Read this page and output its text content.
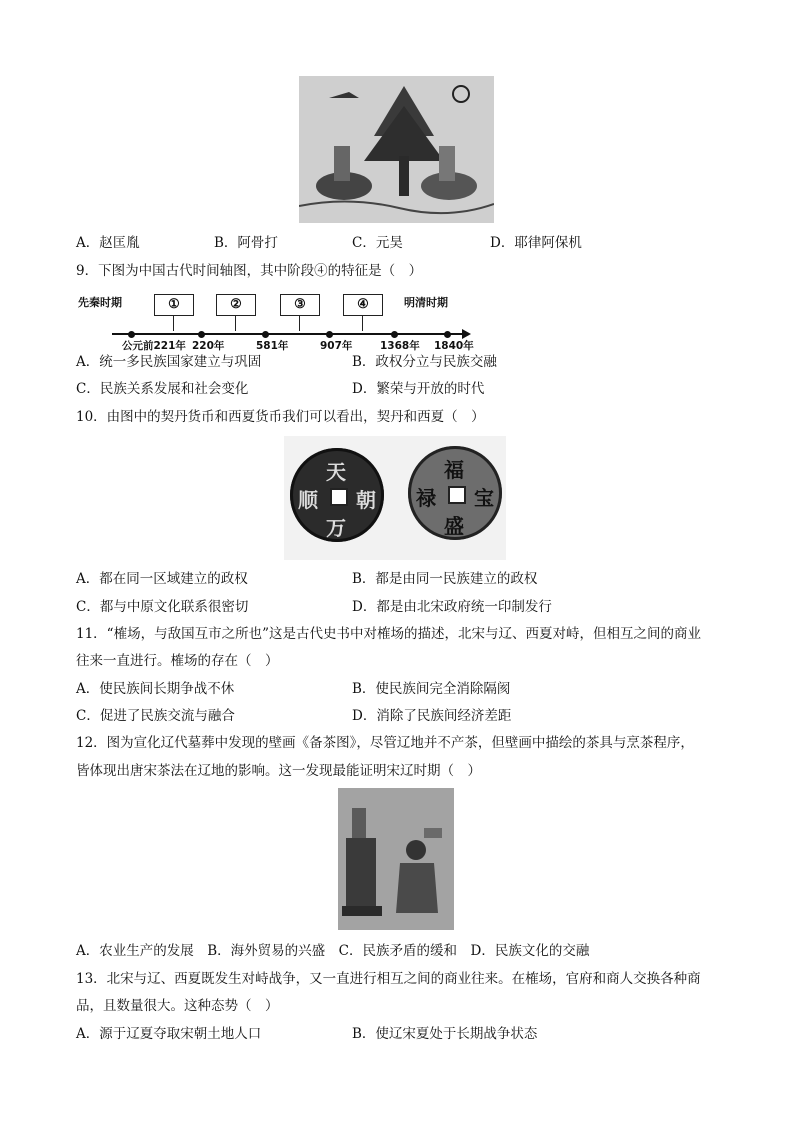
A．赵匡胤	B．阿骨打	C．元昊	D．耶律阿保机
9．下图为中国古代时间轴图，其中阶段④的特征是（　）
先秦时期	明清时期
①	②	③	④
公元前221年 220年	581年	907年	1368年 1840年
A．统一多民族国家建立与巩固	B．政权分立与民族交融
C．民族关系发展和社会变化	D．繁荣与开放的时代
10．由图中的契丹货币和西夏货币我们可以看出，契丹和西夏（　）
天
朝
万
顺
福
宝
盛
禄
A．都在同一区域建立的政权	B．都是由同一民族建立的政权
C．都与中原文化联系很密切	D．都是由北宋政府统一印制发行
11．“榷场，与敌国互市之所也”这是古代史书中对榷场的描述，北宋与辽、西夏对峙，但相互之间的商业
往来一直进行。榷场的存在（　）
A．使民族间长期争战不休	B．使民族间完全消除隔阂
C．促进了民族交流与融合	D．消除了民族间经济差距
12．图为宣化辽代墓葬中发现的壁画《备茶图》，尽管辽地并不产茶，但壁画中描绘的茶具与烹茶程序，
皆体现出唐宋茶法在辽地的影响。这一发现最能证明宋辽时期（　）
A．农业生产的发展　B．海外贸易的兴盛　C．民族矛盾的缓和　D．民族文化的交融
13．北宋与辽、西夏既发生对峙战争，又一直进行相互之间的商业往来。在榷场，官府和商人交换各种商
品，且数量很大。这种态势（　）
A．源于辽夏夺取宋朝土地人口	B．使辽宋夏处于长期战争状态
